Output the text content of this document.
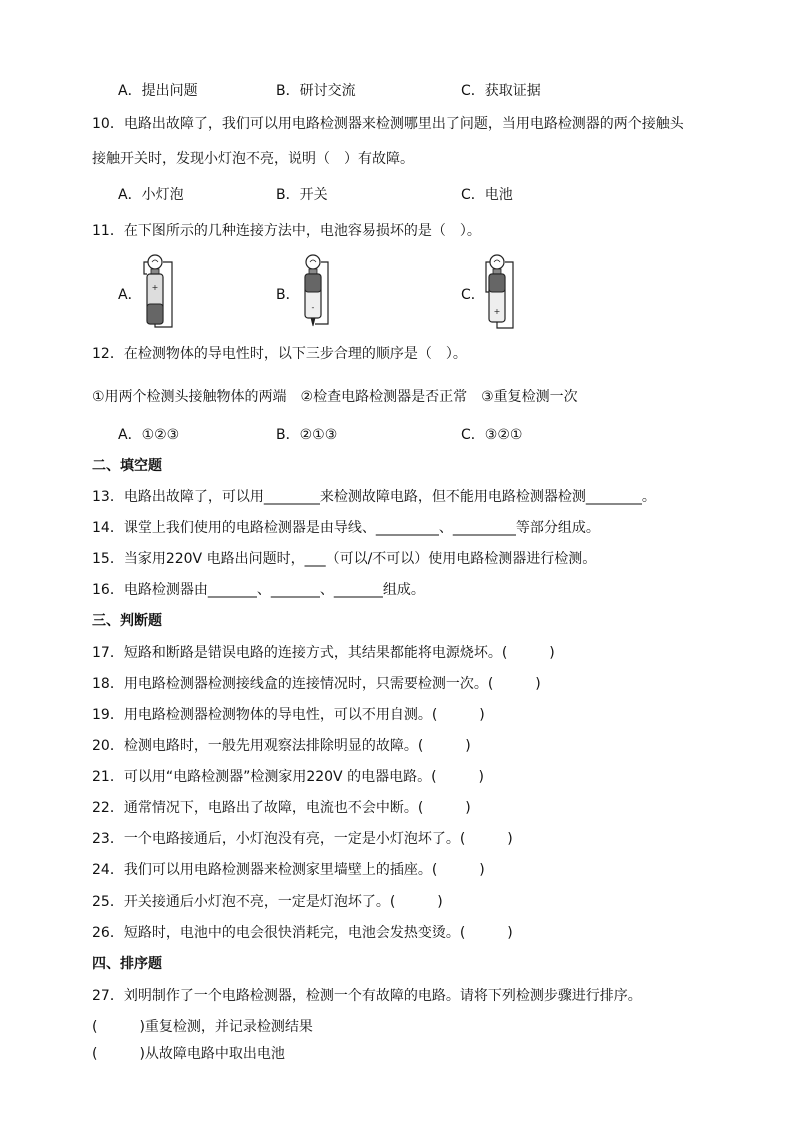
A．提出问题	B．研讨交流	C．获取证据
10．电路出故障了，我们可以用电路检测器来检测哪里出了问题，当用电路检测器的两个接触头
接触开关时，发现小灯泡不亮，说明（　）有故障。
A．小灯泡	B．开关	C．电池
11．在下图所示的几种连接方法中，电池容易损坏的是（　）。
A．	B．	C．
+
-	+
12．在检测物体的导电性时，以下三步合理的顺序是（　）。
①用两个检测头接触物体的两端　②检查电路检测器是否正常　③重复检测一次
A．①②③	B．②①③	C．③②①
二、填空题
13．电路出故障了，可以用________来检测故障电路，但不能用电路检测器检测________。
14．课堂上我们使用的电路检测器是由导线、_________、_________等部分组成。
15．当家用220V 电路出问题时，___（可以/不可以）使用电路检测器进行检测。
16．电路检测器由_______、_______、_______组成。
三、判断题
17．短路和断路是错误电路的连接方式，其结果都能将电源烧坏。(　　　)
18．用电路检测器检测接线盒的连接情况时，只需要检测一次。(　　　)
19．用电路检测器检测物体的导电性，可以不用自测。(　　　)
20．检测电路时，一般先用观察法排除明显的故障。(　　　)
21．可以用“电路检测器”检测家用220V 的电器电路。(　　　)
22．通常情况下，电路出了故障，电流也不会中断。(　　　)
23．一个电路接通后，小灯泡没有亮，一定是小灯泡坏了。(　　　)
24．我们可以用电路检测器来检测家里墙壁上的插座。(　　　)
25．开关接通后小灯泡不亮，一定是灯泡坏了。(　　　)
26．短路时，电池中的电会很快消耗完，电池会发热变烫。(　　　)
四、排序题
27．刘明制作了一个电路检测器，检测一个有故障的电路。请将下列检测步骤进行排序。
(　　　)重复检测，并记录检测结果
(　　　)从故障电路中取出电池
